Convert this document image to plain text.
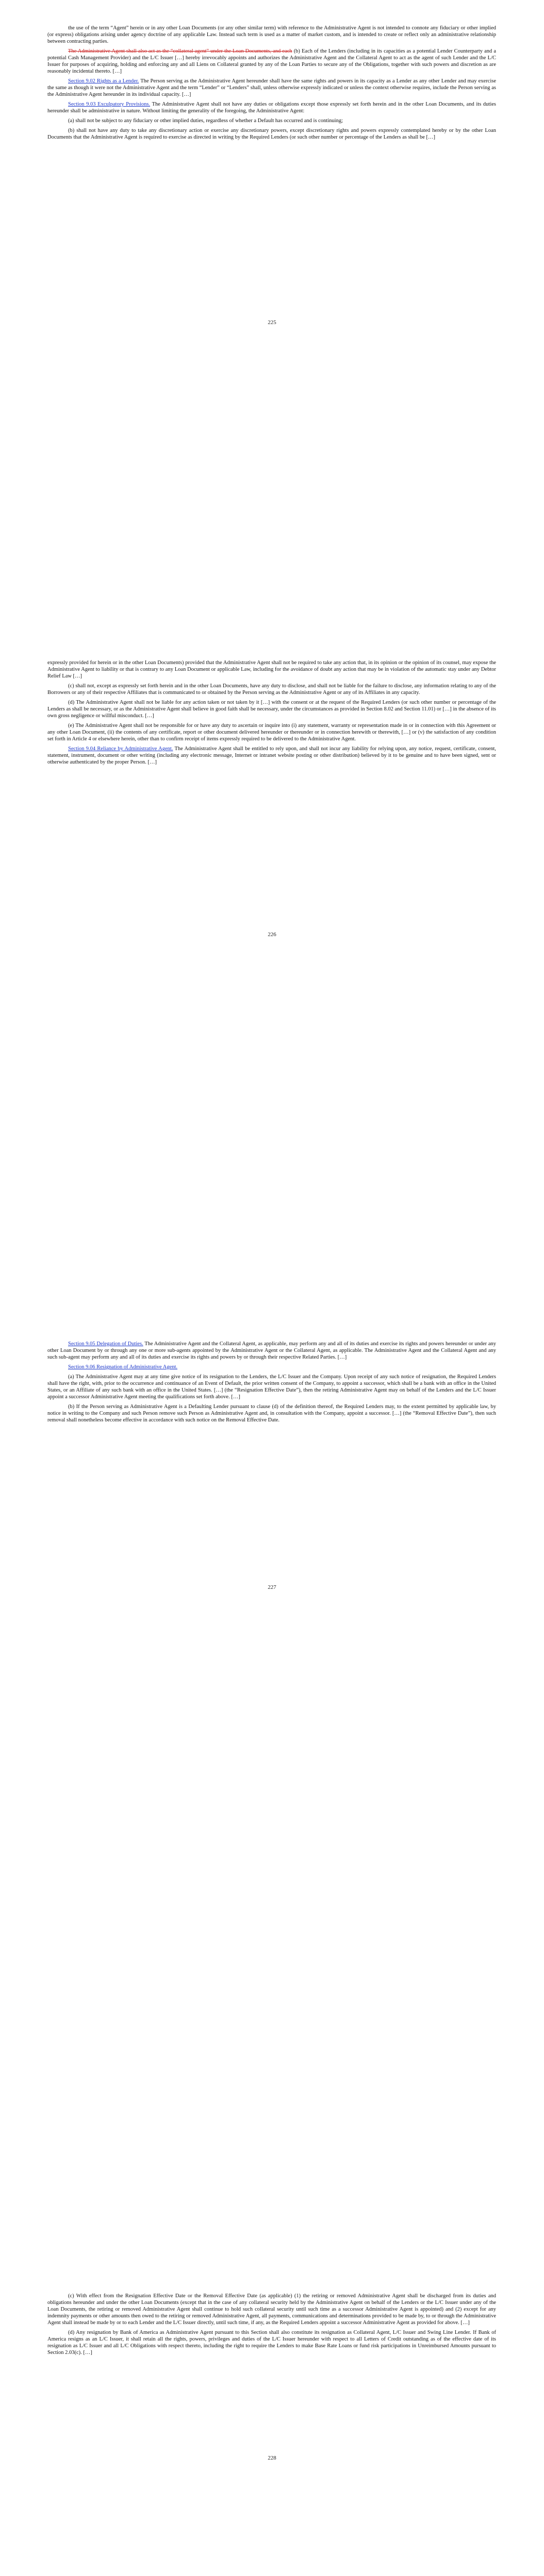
the use of the term “Agent” herein or in any other Loan Documents (or any other similar term) with reference to the Administrative Agent is not intended to connote any fiduciary or other implied (or express) obligations arising under agency doctrine of any applicable Law. Instead such term is used as a matter of market custom, and is intended to create or reflect only an administrative relationship between contracting parties.

The Administrative Agent shall also act as the “collateral agent” under the Loan Documents, and each (b) Each of the Lenders (including in its capacities as a potential Lender Counterparty and a potential Cash Management Provider) and the L/C Issuer […] hereby irrevocably appoints and authorizes the Administrative Agent and the Collateral Agent to act as the agent of such Lender and the L/C Issuer for purposes of acquiring, holding and enforcing any and all Liens on Collateral granted by any of the Loan Parties to secure any of the Obligations, together with such powers and discretion as are reasonably incidental thereto. […]

Section 9.02 Rights as a Lender. The Person serving as the Administrative Agent hereunder shall have the same rights and powers in its capacity as a Lender as any other Lender and may exercise the same as though it were not the Administrative Agent and the term “Lender” or “Lenders” shall, unless otherwise expressly indicated or unless the context otherwise requires, include the Person serving as the Administrative Agent hereunder in its individual capacity. […]

Section 9.03 Exculpatory Provisions. The Administrative Agent shall not have any duties or obligations except those expressly set forth herein and in the other Loan Documents, and its duties hereunder shall be administrative in nature. Without limiting the generality of the foregoing, the Administrative Agent:

(a) shall not be subject to any fiduciary or other implied duties, regardless of whether a Default has occurred and is continuing;

(b) shall not have any duty to take any discretionary action or exercise any discretionary powers, except discretionary rights and powers expressly contemplated hereby or by the other Loan Documents that the Administrative Agent is required to exercise as directed in writing by the Required Lenders (or such other number or percentage of the Lenders as shall be […]

225

expressly provided for herein or in the other Loan Documents) provided that the Administrative Agent shall not be required to take any action that, in its opinion or the opinion of its counsel, may expose the Administrative Agent to liability or that is contrary to any Loan Document or applicable Law, including for the avoidance of doubt any action that may be in violation of the automatic stay under any Debtor Relief Law […]

(c) shall not, except as expressly set forth herein and in the other Loan Documents, have any duty to disclose, and shall not be liable for the failure to disclose, any information relating to any of the Borrowers or any of their respective Affiliates that is communicated to or obtained by the Person serving as the Administrative Agent or any of its Affiliates in any capacity.

(d) The Administrative Agent shall not be liable for any action taken or not taken by it […] with the consent or at the request of the Required Lenders (or such other number or percentage of the Lenders as shall be necessary, or as the Administrative Agent shall believe in good faith shall be necessary, under the circumstances as provided in Section 8.02 and Section 11.01) or […] in the absence of its own gross negligence or willful misconduct. […]

(e) The Administrative Agent shall not be responsible for or have any duty to ascertain or inquire into (i) any statement, warranty or representation made in or in connection with this Agreement or any other Loan Document, (ii) the contents of any certificate, report or other document delivered hereunder or thereunder or in connection herewith or therewith, […] or (v) the satisfaction of any condition set forth in Article 4 or elsewhere herein, other than to confirm receipt of items expressly required to be delivered to the Administrative Agent.

Section 9.04 Reliance by Administrative Agent. The Administrative Agent shall be entitled to rely upon, and shall not incur any liability for relying upon, any notice, request, certificate, consent, statement, instrument, document or other writing (including any electronic message, Internet or intranet website posting or other distribution) believed by it to be genuine and to have been signed, sent or otherwise authenticated by the proper Person. […]

226

Section 9.05 Delegation of Duties. The Administrative Agent and the Collateral Agent, as applicable, may perform any and all of its duties and exercise its rights and powers hereunder or under any other Loan Document by or through any one or more sub-agents appointed by the Administrative Agent or the Collateral Agent, as applicable. The Administrative Agent and the Collateral Agent and any such sub-agent may perform any and all of its duties and exercise its rights and powers by or through their respective Related Parties. […]

Section 9.06 Resignation of Administrative Agent.

(a) The Administrative Agent may at any time give notice of its resignation to the Lenders, the L/C Issuer and the Company. Upon receipt of any such notice of resignation, the Required Lenders shall have the right, with, prior to the occurrence and continuance of an Event of Default, the prior written consent of the Company, to appoint a successor, which shall be a bank with an office in the United States, or an Affiliate of any such bank with an office in the United States. […] (the “Resignation Effective Date”), then the retiring Administrative Agent may on behalf of the Lenders and the L/C Issuer appoint a successor Administrative Agent meeting the qualifications set forth above. […]

(b) If the Person serving as Administrative Agent is a Defaulting Lender pursuant to clause (d) of the definition thereof, the Required Lenders may, to the extent permitted by applicable law, by notice in writing to the Company and such Person remove such Person as Administrative Agent and, in consultation with the Company, appoint a successor. […] (the “Removal Effective Date”), then such removal shall nonetheless become effective in accordance with such notice on the Removal Effective Date.

227

(c) With effect from the Resignation Effective Date or the Removal Effective Date (as applicable) (1) the retiring or removed Administrative Agent shall be discharged from its duties and obligations hereunder and under the other Loan Documents (except that in the case of any collateral security held by the Administrative Agent on behalf of the Lenders or the L/C Issuer under any of the Loan Documents, the retiring or removed Administrative Agent shall continue to hold such collateral security until such time as a successor Administrative Agent is appointed) and (2) except for any indemnity payments or other amounts then owed to the retiring or removed Administrative Agent, all payments, communications and determinations provided to be made by, to or through the Administrative Agent shall instead be made by or to each Lender and the L/C Issuer directly, until such time, if any, as the Required Lenders appoint a successor Administrative Agent as provided for above. […]

(d) Any resignation by Bank of America as Administrative Agent pursuant to this Section shall also constitute its resignation as Collateral Agent, L/C Issuer and Swing Line Lender. If Bank of America resigns as an L/C Issuer, it shall retain all the rights, powers, privileges and duties of the L/C Issuer hereunder with respect to all Letters of Credit outstanding as of the effective date of its resignation as L/C Issuer and all L/C Obligations with respect thereto, including the right to require the Lenders to make Base Rate Loans or fund risk participations in Unreimbursed Amounts pursuant to Section 2.03(c). […]

228
